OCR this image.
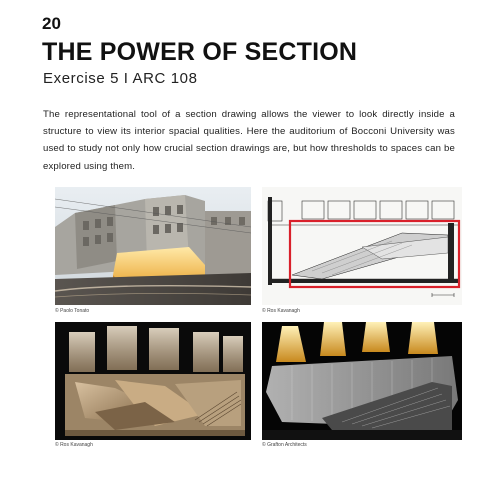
20
THE POWER OF SECTION
Exercise 5 I ARC 108
The representational tool of a section drawing allows the viewer to look directly inside a structure to view its interior spacial qualities. Here the auditorium of Bocconi University was used to study not only how crucial section drawings are, but how thresholds to spaces can be explored using them.
© Paolo Tonato	© Ros Kavanagh
© Ros Kavanagh	© Grafton Architects
